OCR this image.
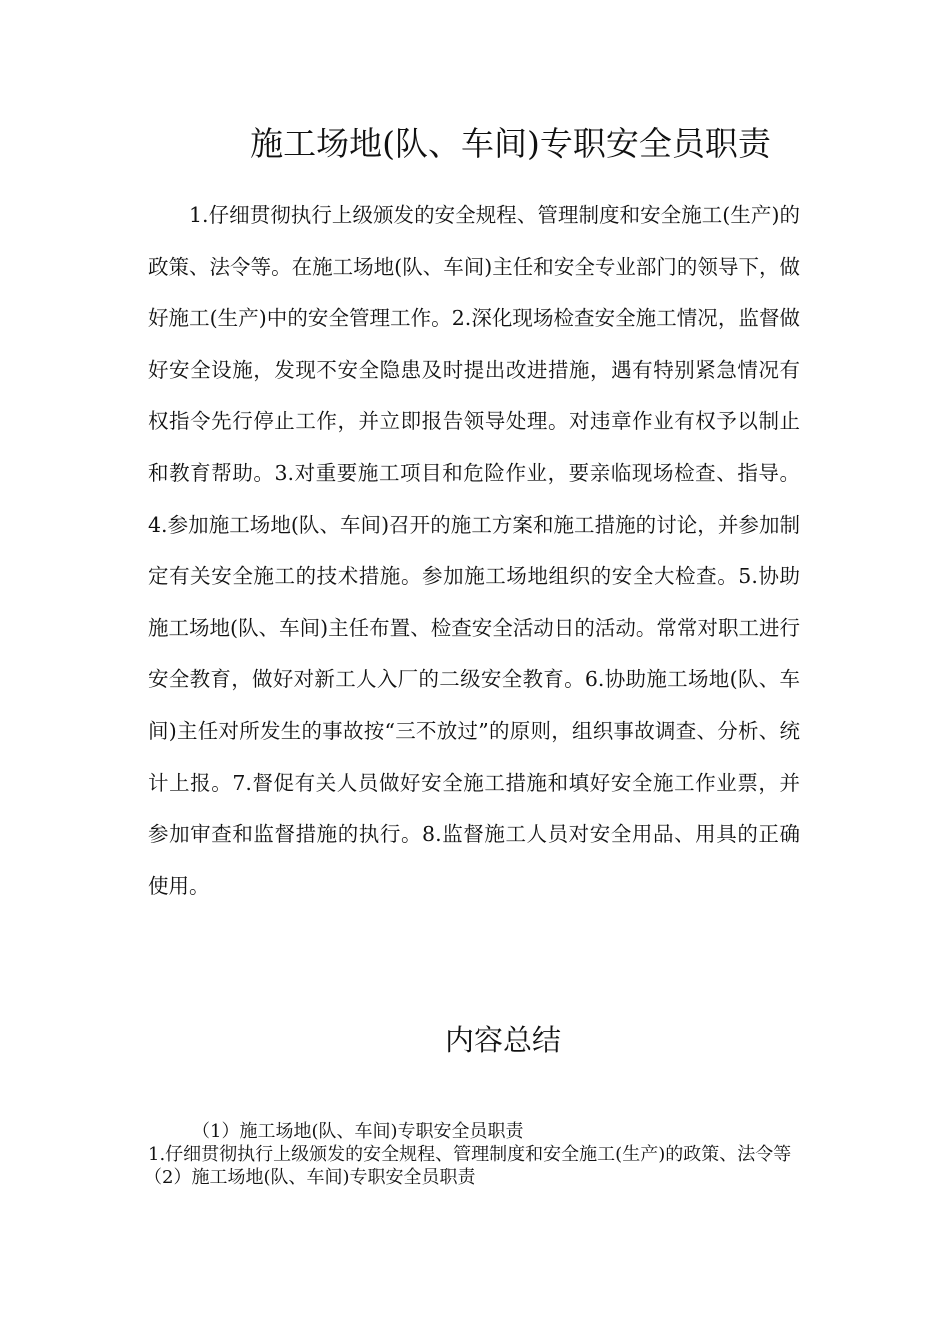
施工场地(队、车间)专职安全员职责

1.仔细贯彻执行上级颁发的安全规程、管理制度和安全施工(生产)的政策、法令等。在施工场地(队、车间)主任和安全专业部门的领导下，做好施工(生产)中的安全管理工作。2.深化现场检查安全施工情况，监督做好安全设施，发现不安全隐患及时提出改进措施，遇有特别紧急情况有权指令先行停止工作，并立即报告领导处理。对违章作业有权予以制止和教育帮助。3.对重要施工项目和危险作业，要亲临现场检查、指导。4.参加施工场地(队、车间)召开的施工方案和施工措施的讨论，并参加制定有关安全施工的技术措施。参加施工场地组织的安全大检查。5.协助施工场地(队、车间)主任布置、检查安全活动日的活动。常常对职工进行安全教育，做好对新工人入厂的二级安全教育。6.协助施工场地(队、车间)主任对所发生的事故按“三不放过”的原则，组织事故调查、分析、统计上报。7.督促有关人员做好安全施工措施和填好安全施工作业票，并参加审查和监督措施的执行。8.监督施工人员对安全用品、用具的正确使用。

内容总结
（1）施工场地(队、车间)专职安全员职责
1.仔细贯彻执行上级颁发的安全规程、管理制度和安全施工(生产)的政策、法令等
（2）施工场地(队、车间)专职安全员职责
